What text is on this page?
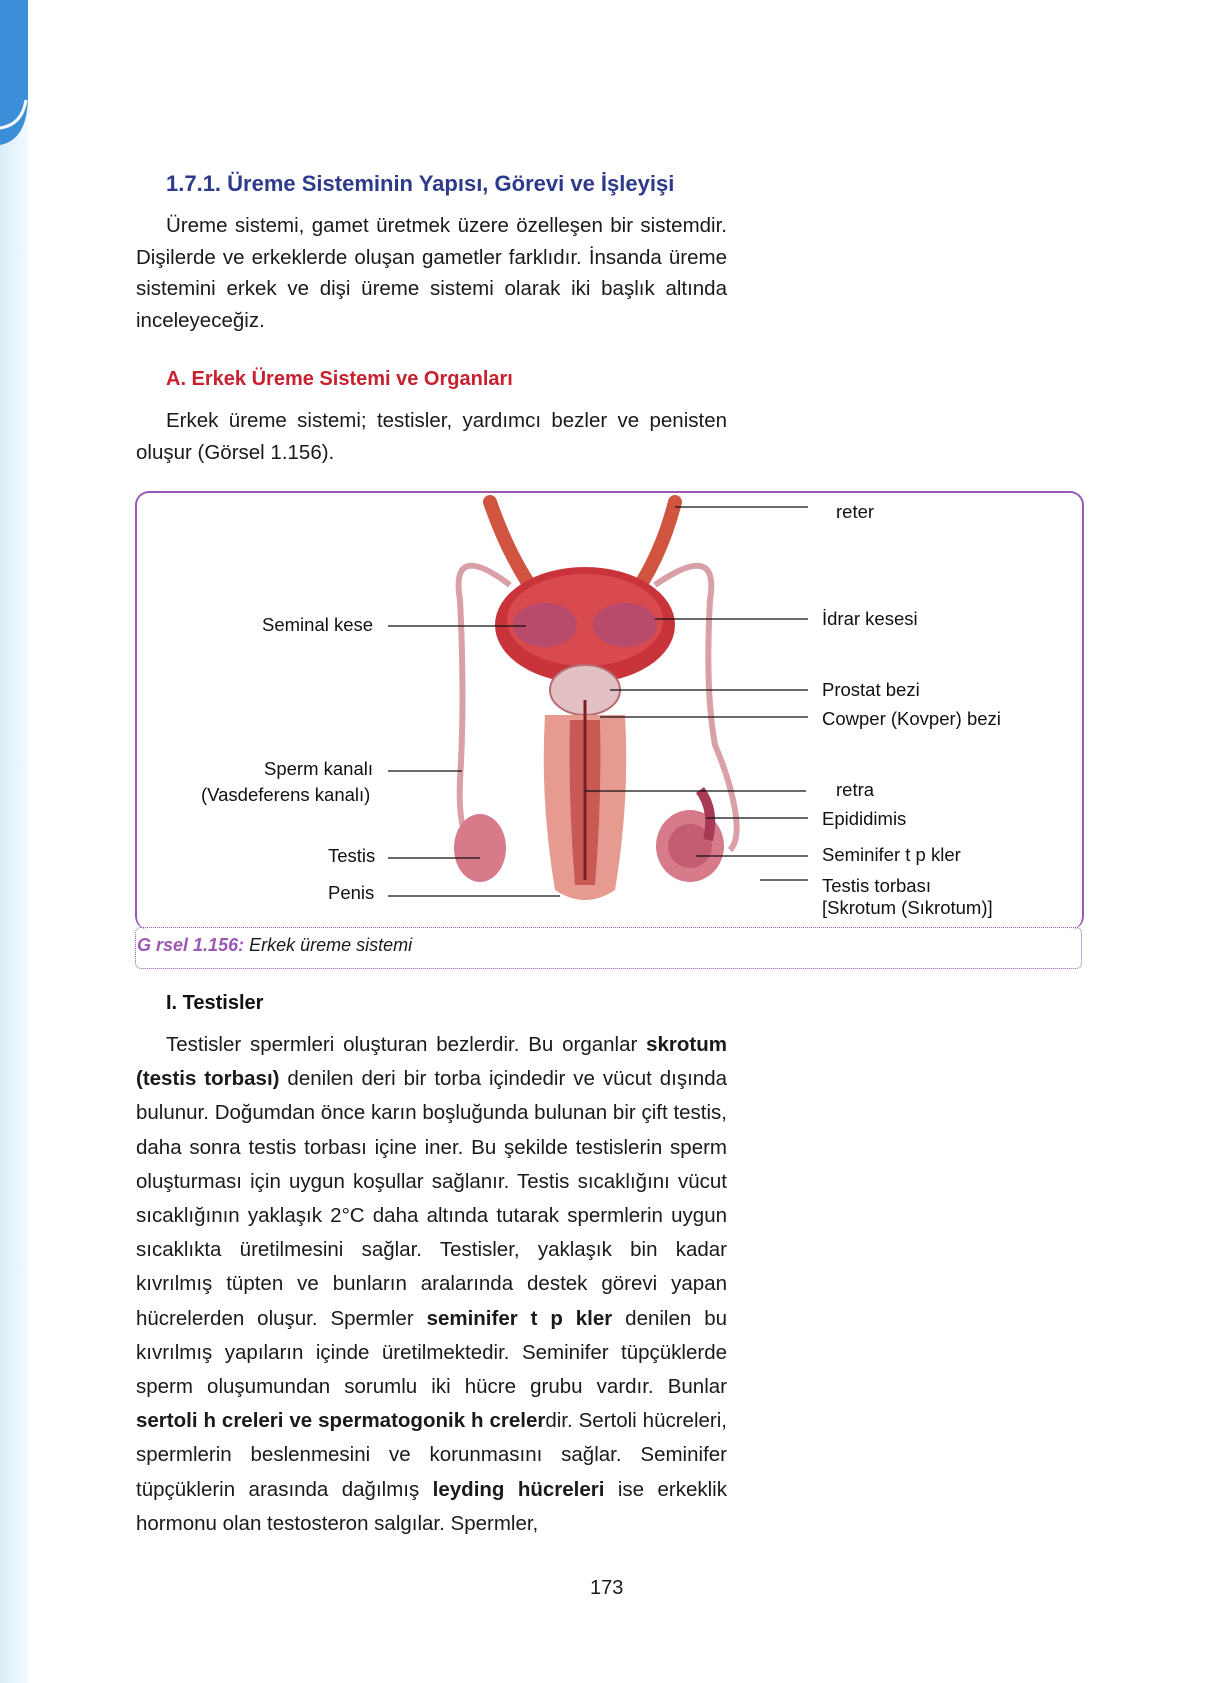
1.7.1. Üreme Sisteminin Yapısı, Görevi ve İşleyişi

Üreme sistemi, gamet üretmek üzere özelleşen bir sistemdir. Dişilerde ve erkeklerde oluşan gametler farklıdır. İnsanda üreme sistemini erkek ve dişi üreme sistemi olarak iki başlık altında inceleyeceğiz.

A. Erkek Üreme Sistemi ve Organları

Erkek üreme sistemi; testisler, yardımcı bezler ve penisten oluşur (Görsel 1.156).

reter
Seminal kese	İdrar kesesi
Prostat bezi
Cowper (Kovper) bezi
Sperm kanalı
(Vasdeferens kanalı)	retra
Epididimis
Testis	Seminifer t p kler
Penis	Testis torbası
[Skrotum (Sıkrotum)]
G rsel 1.156: Erkek üreme sistemi
I. Testisler

Testisler spermleri oluşturan bezlerdir. Bu organlar skrotum (testis torbası) denilen deri bir torba içindedir ve vücut dışında bulunur. Doğumdan önce karın boşluğunda bulunan bir çift testis, daha sonra testis torbası içine iner. Bu şekilde testislerin sperm oluşturması için uygun koşullar sağlanır. Testis sıcaklığını vücut sıcaklığının yaklaşık 2°C daha altında tutarak spermlerin uygun sıcaklıkta üretilmesini sağlar. Testisler, yaklaşık bin kadar kıvrılmış tüpten ve bunların aralarında destek görevi yapan hücrelerden oluşur. Spermler seminifer t p kler denilen bu kıvrılmış yapıların içinde üretilmektedir. Seminifer tüpçüklerde sperm oluşumundan sorumlu iki hücre grubu vardır. Bunlar sertoli h creleri ve spermatogonik h crelerdir. Sertoli hücreleri, spermlerin beslenmesini ve korunmasını sağlar. Seminifer tüpçüklerin arasında dağılmış leyding hücreleri ise erkeklik hormonu olan testosteron salgılar. Spermler,

173
